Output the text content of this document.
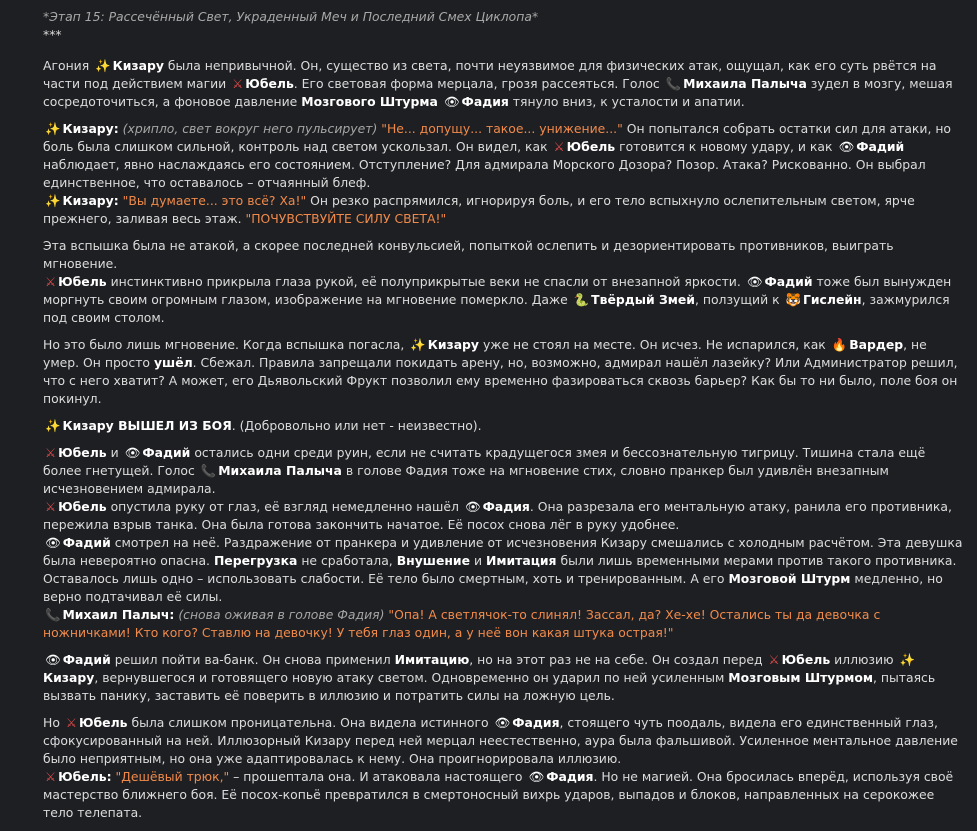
*Этап 15: Рассечённый Свет, Украденный Меч и Последний Смех Циклопа*
***
Агония ✨ Кизару была непривычной. Он, существо из света, почти неуязвимое для физических атак, ощущал, как его суть рвётся на части под действием магии ⚔ Юбель. Его световая форма мерцала, грозя рассеяться. Голос 📞 Михаила Палыча зудел в мозгу, мешая сосредоточиться, а фоновое давление Мозгового Штурма 👁 Фадия тянуло вниз, к усталости и апатии.
✨ Кизару: (хрипло, свет вокруг него пульсирует) "Не... допущу... такое... унижение..." Он попытался собрать остатки сил для атаки, но боль была слишком сильной, контроль над светом ускользал. Он видел, как ⚔ Юбель готовится к новому удару, и как 👁 Фадий наблюдает, явно наслаждаясь его состоянием. Отступление? Для адмирала Морского Дозора? Позор. Атака? Рискованно. Он выбрал единственное, что оставалось – отчаянный блеф.
✨ Кизару: "Вы думаете... это всё? Ха!" Он резко распрямился, игнорируя боль, и его тело вспыхнуло ослепительным светом, ярче прежнего, заливая весь этаж. "ПОЧУВСТВУЙТЕ СИЛУ СВЕТА!"
Эта вспышка была не атакой, а скорее последней конвульсией, попыткой ослепить и дезориентировать противников, выиграть мгновение.
⚔ Юбель инстинктивно прикрыла глаза рукой, её полуприкрытые веки не спасли от внезапной яркости. 👁 Фадий тоже был вынужден моргнуть своим огромным глазом, изображение на мгновение померкло. Даже 🐍 Твёрдый Змей, ползущий к 🐯 Гислейн, зажмурился под своим столом.
Но это было лишь мгновение. Когда вспышка погасла, ✨ Кизару уже не стоял на месте. Он исчез. Не испарился, как 🔥 Вардер, не умер. Он просто ушёл. Сбежал. Правила запрещали покидать арену, но, возможно, адмирал нашёл лазейку? Или Администратор решил, что с него хватит? А может, его Дьявольский Фрукт позволил ему временно фазироваться сквозь барьер? Как бы то ни было, поле боя он покинул.
✨ Кизару ВЫШЕЛ ИЗ БОЯ. (Добровольно или нет - неизвестно).
⚔ Юбель и 👁 Фадий остались одни среди руин, если не считать крадущегося змея и бессознательную тигрицу. Тишина стала ещё более гнетущей. Голос 📞 Михаила Палыча в голове Фадия тоже на мгновение стих, словно пранкер был удивлён внезапным исчезновением адмирала.
⚔ Юбель опустила руку от глаз, её взгляд немедленно нашёл 👁 Фадия. Она разрезала его ментальную атаку, ранила его противника, пережила взрыв танка. Она была готова закончить начатое. Её посох снова лёг в руку удобнее.
👁 Фадий смотрел на неё. Раздражение от пранкера и удивление от исчезновения Кизару смешались с холодным расчётом. Эта девушка была невероятно опасна. Перегрузка не сработала, Внушение и Имитация были лишь временными мерами против такого противника. Оставалось лишь одно – использовать слабости. Её тело было смертным, хоть и тренированным. А его Мозговой Штурм медленно, но верно подтачивал её силы.
📞 Михаил Палыч: (снова оживая в голове Фадия) "Опа! А светлячок-то слинял! Зассал, да? Хе-хе! Остались ты да девочка с ножничками! Кто кого? Ставлю на девочку! У тебя глаз один, а у неё вон какая штука острая!"
👁 Фадий решил пойти ва-банк. Он снова применил Имитацию, но на этот раз не на себе. Он создал перед ⚔ Юбель иллюзию ✨Кизару, вернувшегося и готовящего новую атаку светом. Одновременно он ударил по ней усиленным Мозговым Штурмом, пытаясь вызвать панику, заставить её поверить в иллюзию и потратить силы на ложную цель.
Но ⚔ Юбель была слишком проницательна. Она видела истинного 👁 Фадия, стоящего чуть поодаль, видела его единственный глаз, сфокусированный на ней. Иллюзорный Кизару перед ней мерцал неестественно, аура была фальшивой. Усиленное ментальное давление было неприятным, но она уже адаптировалась к нему. Она проигнорировала иллюзию.
⚔ Юбель: "Дешёвый трюк," – прошептала она. И атаковала настоящего 👁 Фадия. Но не магией. Она бросилась вперёд, используя своё мастерство ближнего боя. Её посох-копьё превратился в смертоносный вихрь ударов, выпадов и блоков, направленных на серокожее тело телепата.
